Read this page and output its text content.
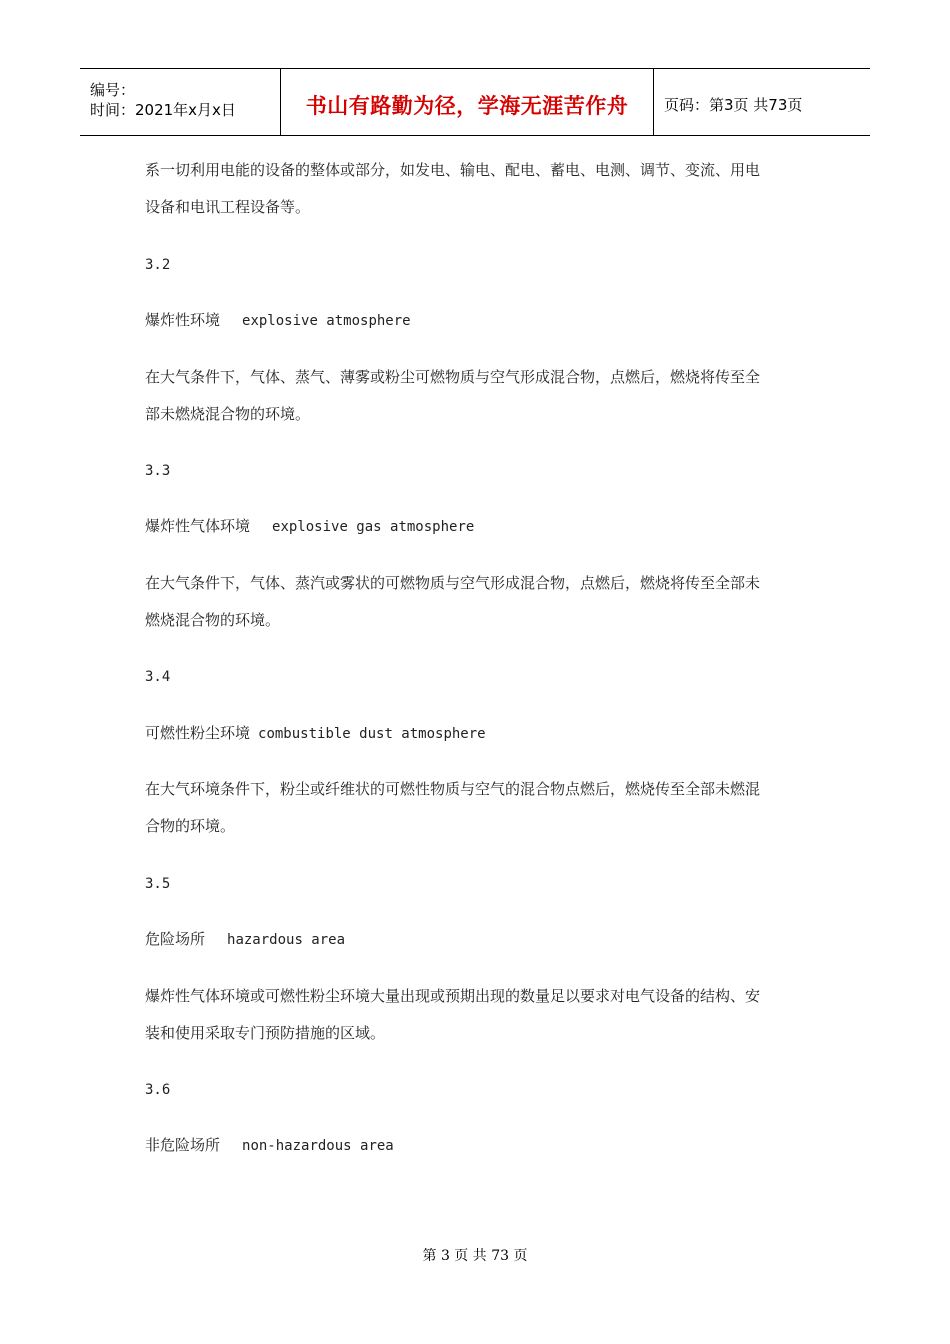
编号：
时间：2021年x月x日	书山有路勤为径，学海无涯苦作舟 页码：第3页 共73页

系一切利用电能的设备的整体或部分，如发电、输电、配电、蓄电、电测、调节、变流、用电

设备和电讯工程设备等。

3.2
爆炸性环境 explosive atmosphere

在大气条件下，气体、蒸气、薄雾或粉尘可燃物质与空气形成混合物，点燃后，燃烧将传至全

部未燃烧混合物的环境。

3.3
爆炸性气体环境 explosive gas atmosphere

在大气条件下，气体、蒸汽或雾状的可燃物质与空气形成混合物，点燃后，燃烧将传至全部未

燃烧混合物的环境。

3.4
可燃性粉尘环境 combustible dust atmosphere

在大气环境条件下，粉尘或纤维状的可燃性物质与空气的混合物点燃后，燃烧传至全部未燃混

合物的环境。

3.5
危险场所 hazardous area

爆炸性气体环境或可燃性粉尘环境大量出现或预期出现的数量足以要求对电气设备的结构、安

装和使用采取专门预防措施的区域。

3.6
非危险场所 non-hazardous area
第 3 页 共 73 页
